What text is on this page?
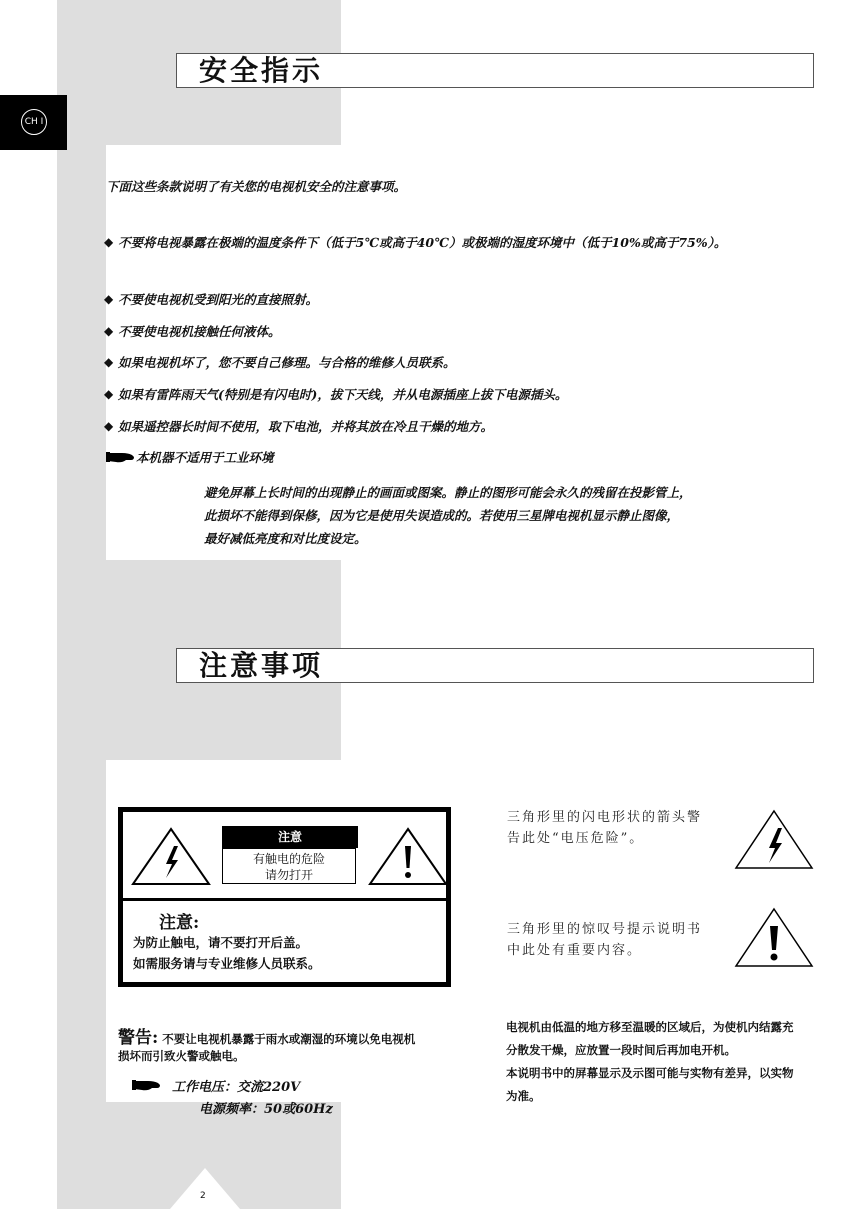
CH I
安全指示
下面这些条款说明了有关您的电视机安全的注意事项。
◆ 不要将电视暴露在极端的温度条件下（低于5℃或高于40℃）或极端的湿度环境中（低于10%或高于75%）。
◆ 不要使电视机受到阳光的直接照射。
◆ 不要使电视机接触任何液体。
◆ 如果电视机坏了，您不要自己修理。与合格的维修人员联系。
◆ 如果有雷阵雨天气(特别是有闪电时)，拔下天线，并从电源插座上拔下电源插头。
◆ 如果遥控器长时间不使用，取下电池，并将其放在冷且干燥的地方。
本机器不适用于工业环境
避免屏幕上长时间的出现静止的画面或图案。静止的图形可能会永久的残留在投影管上，
此损坏不能得到保修，因为它是使用失误造成的。若使用三星牌电视机显示静止图像，
最好减低亮度和对比度设定。
注意事项
注意:
为防止触电，请不要打开后盖。
如需服务请与专业维修人员联系。
注意
有触电的危险
请勿打开
三角形里的闪电形状的箭头警
告此处“电压危险”。
三角形里的惊叹号提示说明书
中此处有重要内容。
警告: 不要让电视机暴露于雨水或潮湿的环境以免电视机
损坏而引致火警或触电。
工作电压：交流220V
电源频率：50或60Hz
电视机由低温的地方移至温暖的区域后，为使机内结露充
分散发干燥，应放置一段时间后再加电开机。
本说明书中的屏幕显示及示图可能与实物有差异，以实物
为准。
2
